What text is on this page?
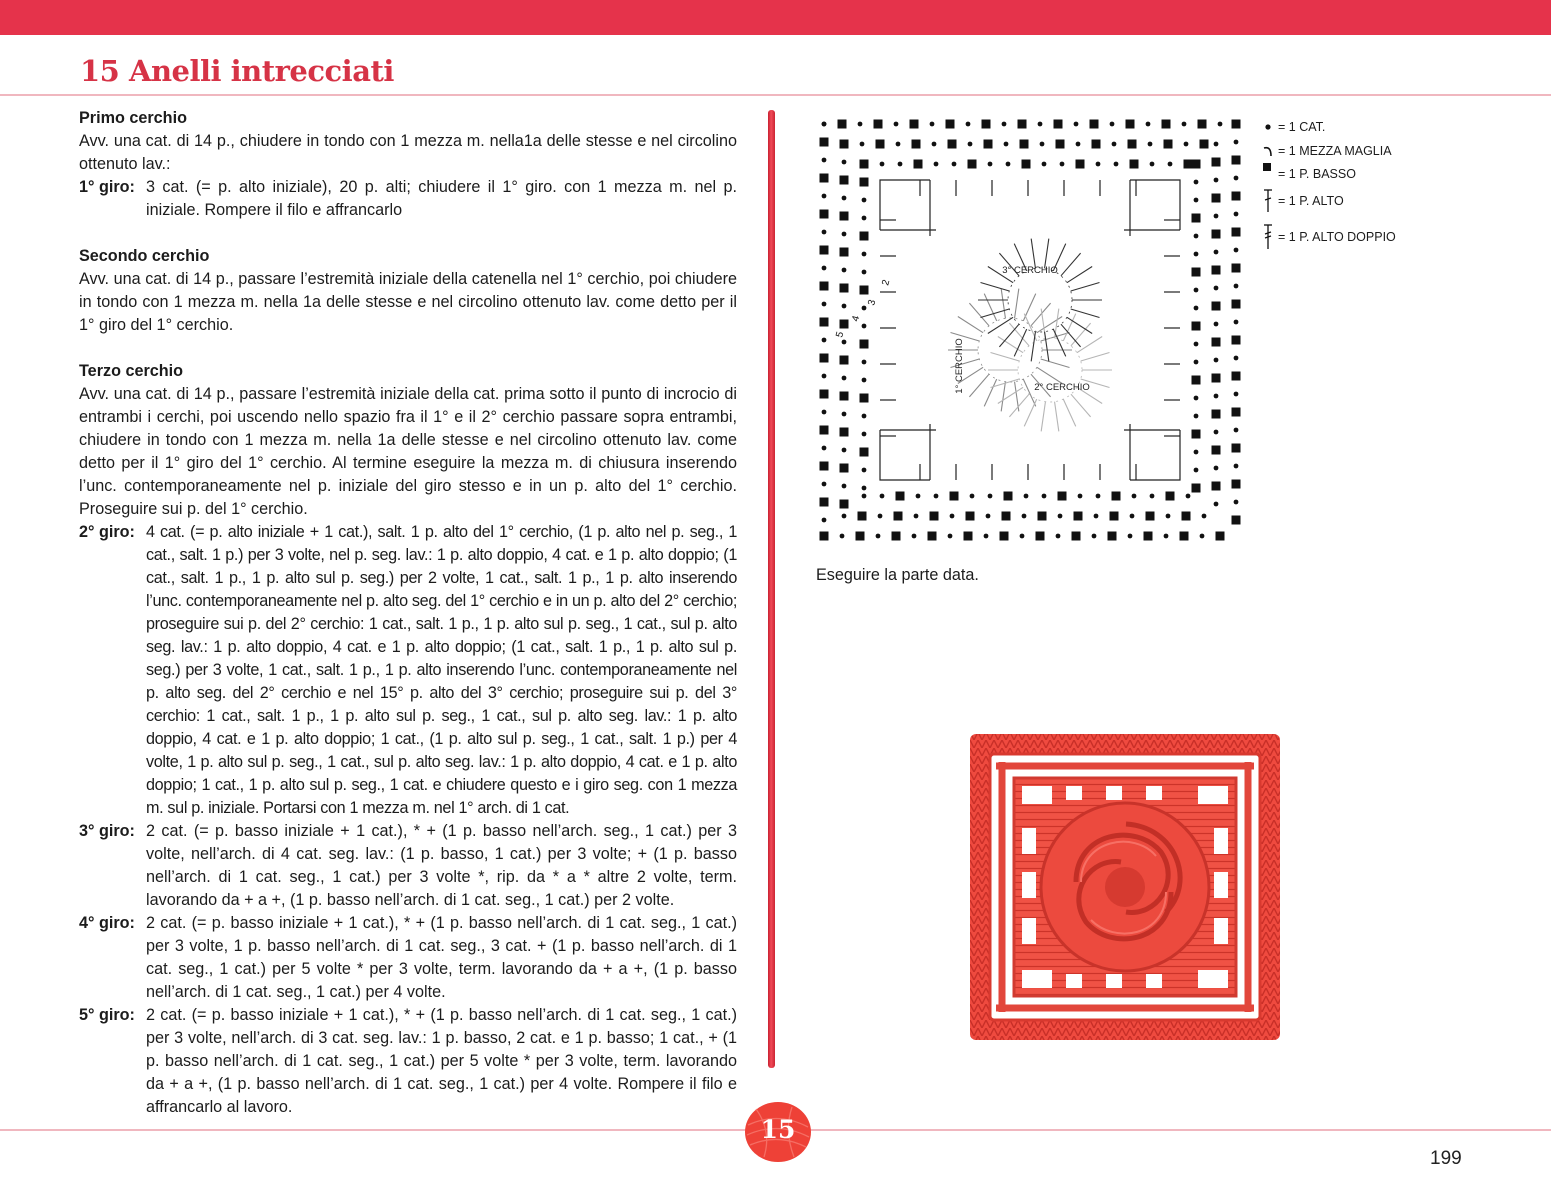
15 Anelli intrecciati
Primo cerchio
Avv. una cat. di 14 p., chiudere in tondo con 1 mezza m. nella1a delle stesse e nel circolino ottenuto lav.:
1° giro: 3 cat. (= p. alto iniziale), 20 p. alti; chiudere il 1° giro. con 1 mezza m. nel p. iniziale. Rompere il filo e affrancarlo
Secondo cerchio
Avv. una cat. di 14 p., passare l’estremità iniziale della catenella nel 1° cerchio, poi chiudere in tondo con 1 mezza m. nella 1a delle stesse e nel circolino ottenuto lav. come detto per il 1° giro del 1° cerchio.
Terzo cerchio
Avv. una cat. di 14 p., passare l’estremità iniziale della cat. prima sotto il punto di incrocio di entrambi i cerchi, poi uscendo nello spazio fra il 1° e il 2° cerchio passare sopra entrambi, chiudere in tondo con 1 mezza m. nella 1a delle stesse e nel circolino ottenuto lav. come detto per il 1° giro del 1° cerchio. Al termine eseguire la mezza m. di chiusura inserendo l’unc. contemporaneamente nel p. iniziale del giro stesso e in un p. alto del 1° cerchio. Proseguire sui p. del 1° cerchio.
2° giro: 4 cat. (= p. alto iniziale + 1 cat.), salt. 1 p. alto del 1° cerchio, (1 p. alto nel p. seg., 1 cat., salt. 1 p.) per 3 volte, nel p. seg. lav.: 1 p. alto doppio, 4 cat. e 1 p. alto doppio; (1 cat., salt. 1 p., 1 p. alto sul p. seg.) per 2 volte, 1 cat., salt. 1 p., 1 p. alto inserendo l’unc. contemporaneamente nel p. alto seg. del 1° cerchio e in un p. alto del 2° cerchio; proseguire sui p. del 2° cerchio: 1 cat., salt. 1 p., 1 p. alto sul p. seg., 1 cat., sul p. alto seg. lav.: 1 p. alto doppio, 4 cat. e 1 p. alto doppio; (1 cat., salt. 1 p., 1 p. alto sul p. seg.) per 3 volte, 1 cat., salt. 1 p., 1 p. alto inserendo l’unc. contemporaneamente nel p. alto seg. del 2° cerchio e nel 15° p. alto del 3° cerchio; proseguire sui p. del 3° cerchio: 1 cat., salt. 1 p., 1 p. alto sul p. seg., 1 cat., sul p. alto seg. lav.: 1 p. alto doppio, 4 cat. e 1 p. alto doppio; 1 cat., (1 p. alto sul p. seg., 1 cat., salt. 1 p.) per 4 volte, 1 p. alto sul p. seg., 1 cat., sul p. alto seg. lav.: 1 p. alto doppio, 4 cat. e 1 p. alto doppio; 1 cat., 1 p. alto sul p. seg., 1 cat. e chiudere questo e i giro seg. con 1 mezza m. sul p. iniziale. Portarsi con 1 mezza m. nel 1° arch. di 1 cat.
3° giro: 2 cat. (= p. basso iniziale + 1 cat.), * + (1 p. basso nell’arch. seg., 1 cat.) per 3 volte, nell’arch. di 4 cat. seg. lav.: (1 p. basso, 1 cat.) per 3 volte; + (1 p. basso nell’arch. di 1 cat. seg., 1 cat.) per 3 volte *, rip. da * a * altre 2 volte, term. lavorando da + a +, (1 p. basso nell’arch. di 1 cat. seg., 1 cat.) per 2 volte.
4° giro: 2 cat. (= p. basso iniziale + 1 cat.), * + (1 p. basso nell’arch. di 1 cat. seg., 1 cat.) per 3 volte, 1 p. basso nell’arch. di 1 cat. seg., 3 cat. + (1 p. basso nell’arch. di 1 cat. seg., 1 cat.) per 5 volte * per 3 volte, term. lavorando da + a +, (1 p. basso nell’arch. di 1 cat. seg., 1 cat.) per 4 volte.
5° giro: 2 cat. (= p. basso iniziale + 1 cat.), * + (1 p. basso nell’arch. di 1 cat. seg., 1 cat.) per 3 volte, nell’arch. di 3 cat. seg. lav.: 1 p. basso, 2 cat. e 1 p. basso; 1 cat., + (1 p. basso nell’arch. di 1 cat. seg., 1 cat.) per 5 volte * per 3 volte, term. lavorando da + a +, (1 p. basso nell’arch. di 1 cat. seg., 1 cat.) per 4 volte. Rompere il filo e affrancarlo al lavoro.
1° CERCHIO	2° CERCHIO
3° CERCHIO
2
3
4
5
= 1 CAT.
= 1 MEZZA MAGLIA
= 1 P. BASSO
= 1 P. ALTO
= 1 P. ALTO DOPPIO
Eseguire la parte data.
15
199
